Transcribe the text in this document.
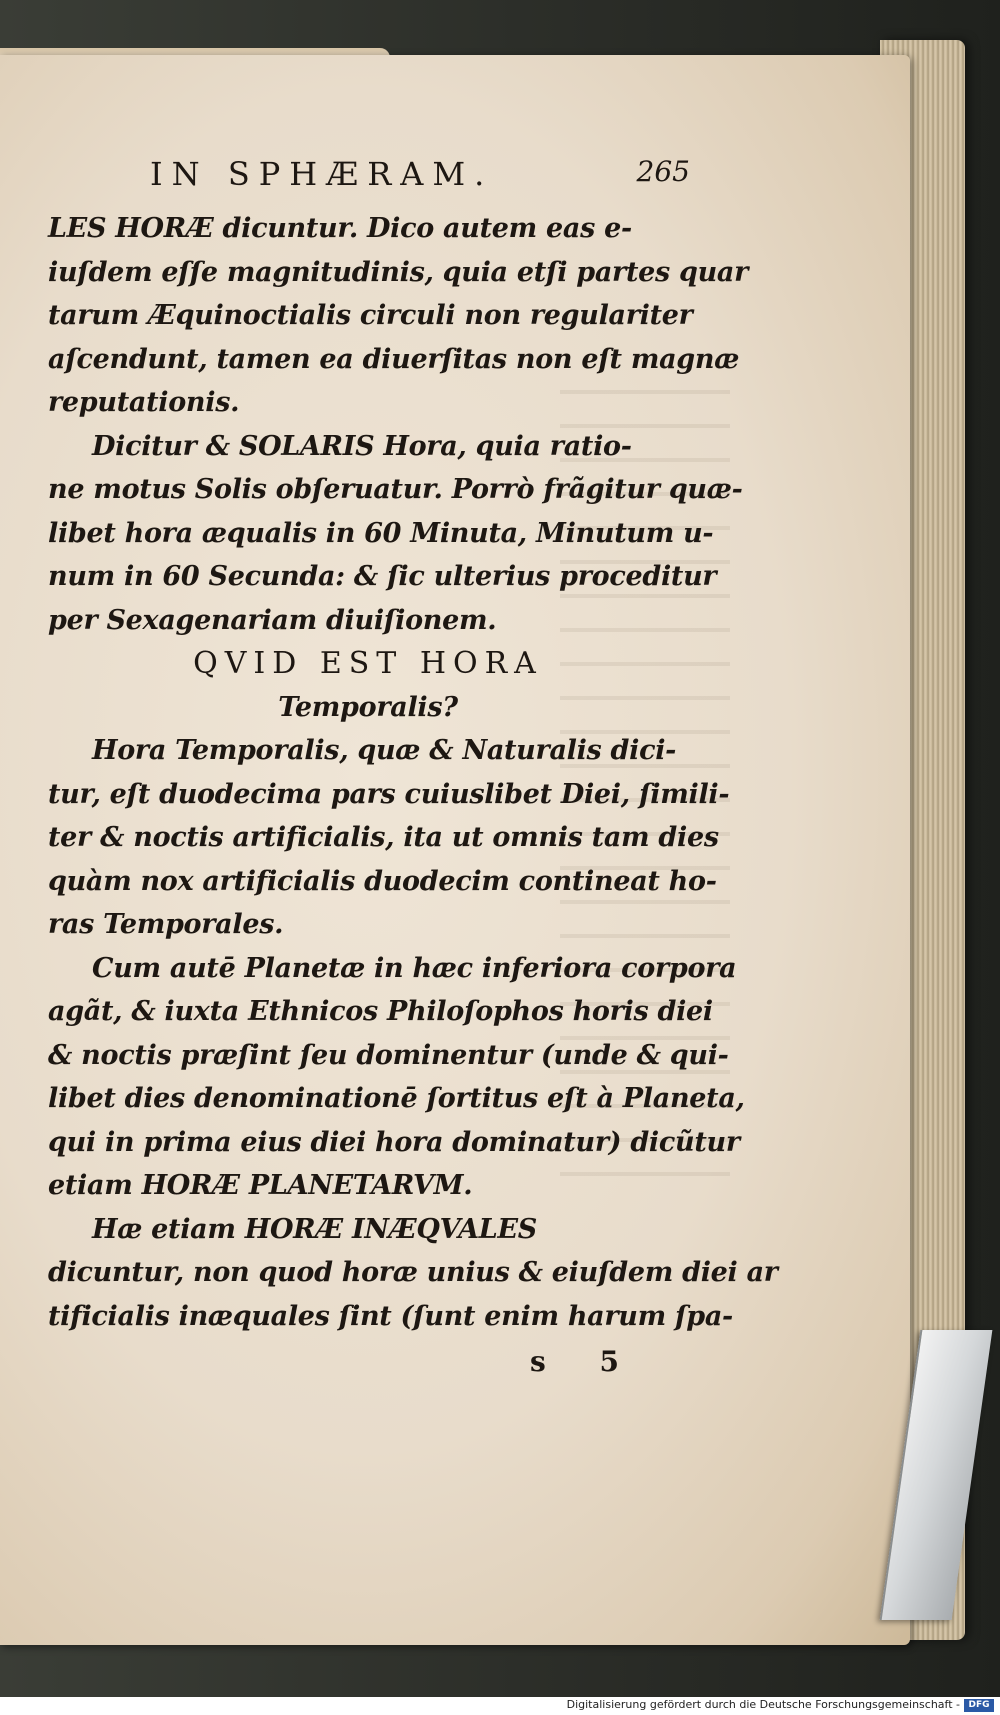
IN SPHÆRAM.	265
LES HORÆ dicuntur. Dico autem eas e-
iuſdem eſſe magnitudinis, quia etſi partes quar
tarum Æquinoctialis circuli non regulariter
aſcendunt, tamen ea diuerſitas non eſt magnæ
reputationis.
Dicitur & SOLARIS Hora, quia ratio-
ne motus Solis obſeruatur. Porrò frãgitur quæ-
libet hora æqualis in 60 Minuta, Minutum u-
num in 60 Secunda: & ſic ulterius proceditur
per Sexagenariam diuiſionem.
QVID EST HORA
Temporalis?
Hora Temporalis, quæ & Naturalis dici-
tur, eſt duodecima pars cuiuslibet Diei, ſimili-
ter & noctis artificialis, ita ut omnis tam dies
quàm nox artificialis duodecim contineat ho-
ras Temporales.
Cum autē Planetæ in hæc inferiora corpora
agãt, & iuxta Ethnicos Philoſophos horis diei
& noctis præſint ſeu dominentur (unde & qui-
libet dies denominationē ſortitus eſt à Planeta,
qui in prima eius diei hora dominatur) dicũtur
etiam HORÆ PLANETARVM.
Hæ etiam HORÆ INÆQVALES
dicuntur, non quod horæ unius & eiuſdem diei ar
tificialis inæquales ſint (ſunt enim harum ſpa-
s 5
Digitalisierung gefördert durch die Deutsche Forschungsgemeinschaft - DFG
